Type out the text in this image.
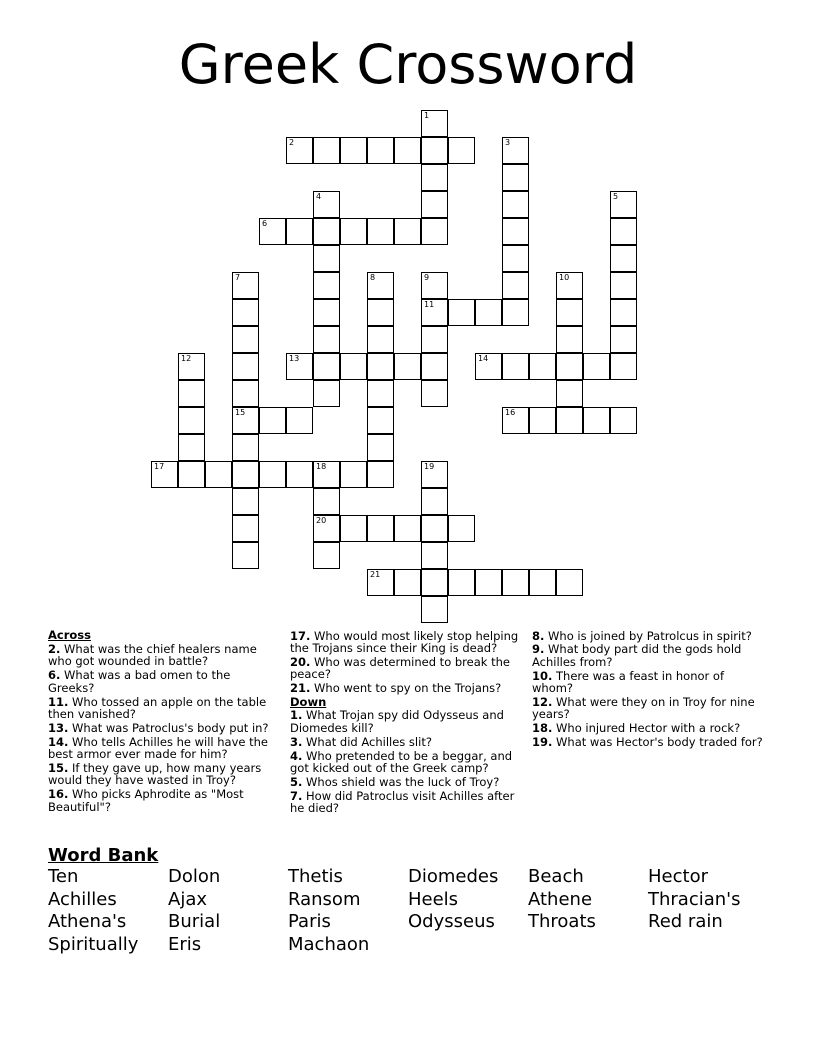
Greek Crossword
2
6
11
13	14
15	16
17	18
20
21
1
3
4	5
7	8	9	10
12
19
Across
2. What was the chief healers name who got wounded in battle?
6. What was a bad omen to the Greeks?
11. Who tossed an apple on the table then vanished?
13. What was Patroclus's body put in?
14. Who tells Achilles he will have the best armor ever made for him?
15. If they gave up, how many years would they have wasted in Troy?
16. Who picks Aphrodite as "Most Beautiful"?
17. Who would most likely stop helping the Trojans since their King is dead?
20. Who was determined to break the peace?
21. Who went to spy on the Trojans?
Down
1. What Trojan spy did Odysseus and Diomedes kill?
3. What did Achilles slit?
4. Who pretended to be a beggar, and got kicked out of the Greek camp?
5. Whos shield was the luck of Troy?
7. How did Patroclus visit Achilles after he died?
8. Who is joined by Patrolcus in spirit?
9. What body part did the gods hold Achilles from?
10. There was a feast in honor of whom?
12. What were they on in Troy for nine years?
18. Who injured Hector with a rock?
19. What was Hector's body traded for?
Word Bank
Ten	Dolon	Thetis	Diomedes	Beach	Hector
Achilles	Ajax	Ransom	Heels	Athene	Thracian's
Athena's	Burial	Paris	Odysseus	Throats	Red rain
Spiritually	Eris	Machaon
